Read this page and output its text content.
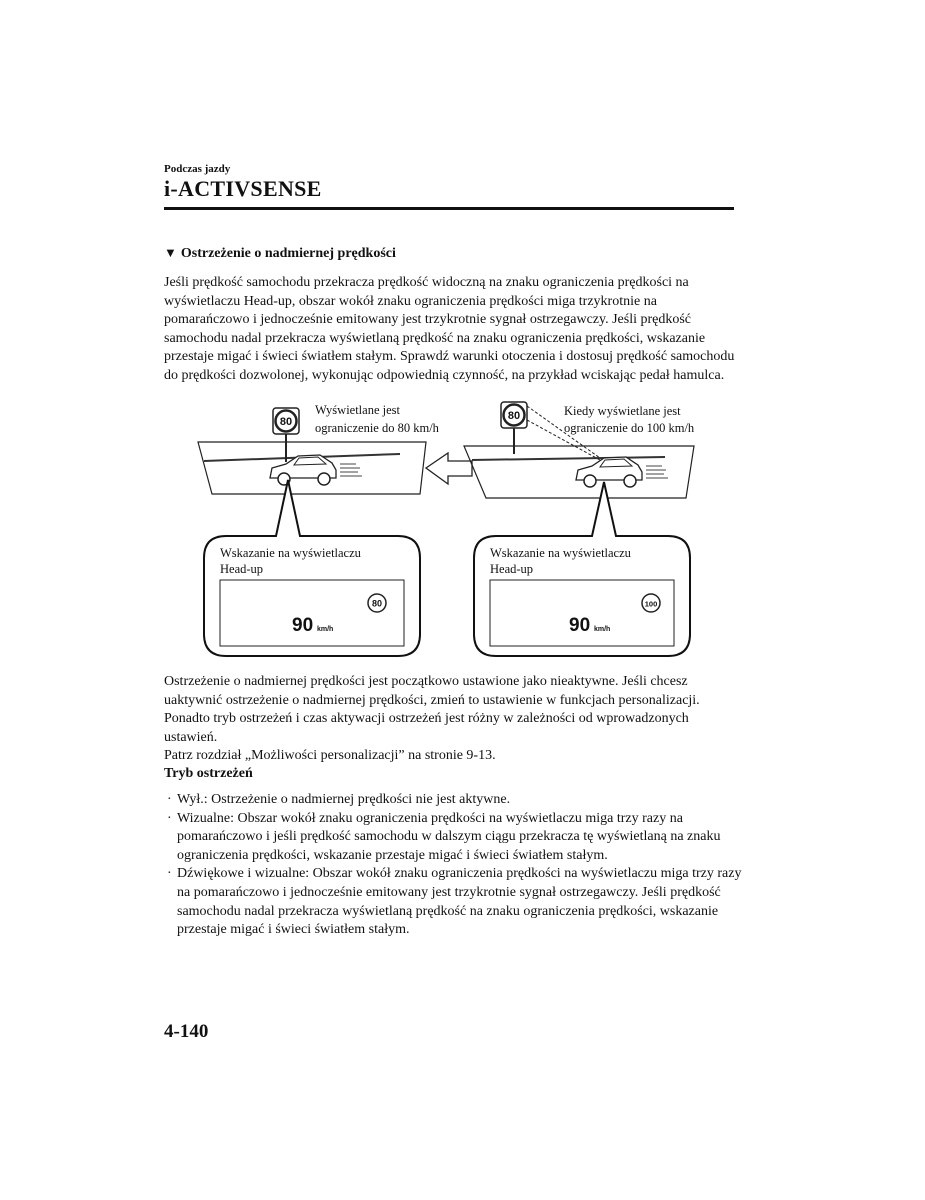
Podczas jazdy
i-ACTIVSENSE
▼ Ostrzeżenie o nadmiernej prędkości

Jeśli prędkość samochodu przekracza prędkość widoczną na znaku ograniczenia prędkości na wyświetlaczu Head-up, obszar wokół znaku ograniczenia prędkości miga trzykrotnie na pomarańczowo i jednocześnie emitowany jest trzykrotnie sygnał ostrzegawczy. Jeśli prędkość samochodu nadal przekracza wyświetlaną prędkość na znaku ograniczenia prędkości, wskazanie przestaje migać i świeci światłem stałym. Sprawdź warunki otoczenia i dostosuj prędkość samochodu do prędkości dozwolonej, wykonując odpowiednią czynność, na przykład wciskając pedał hamulca.

80
Wyświetlane jest
ograniczenie do 80 km/h
80	Kiedy wyświetlane jest
ograniczenie do 100 km/h
Wskazanie na wyświetlaczu
Head-up
80
90 km/h
Wskazanie na wyświetlaczu
Head-up
100
90 km/h

Ostrzeżenie o nadmiernej prędkości jest początkowo ustawione jako nieaktywne. Jeśli chcesz uaktywnić ostrzeżenie o nadmiernej prędkości, zmień to ustawienie w funkcjach personalizacji. Ponadto tryb ostrzeżeń i czas aktywacji ostrzeżeń jest różny w zależności od wprowadzonych ustawień.

Patrz rozdział „Możliwości personalizacji” na stronie 9-13.

Tryb ostrzeżeń
· Wył.: Ostrzeżenie o nadmiernej prędkości nie jest aktywne.
· Wizualne: Obszar wokół znaku ograniczenia prędkości na wyświetlaczu miga trzy razy na pomarańczowo i jeśli prędkość samochodu w dalszym ciągu przekracza tę wyświetlaną na znaku ograniczenia prędkości, wskazanie przestaje migać i świeci światłem stałym.
· Dźwiękowe i wizualne: Obszar wokół znaku ograniczenia prędkości na wyświetlaczu miga trzy razy na pomarańczowo i jednocześnie emitowany jest trzykrotnie sygnał ostrzegawczy. Jeśli prędkość samochodu nadal przekracza wyświetlaną prędkość na znaku ograniczenia prędkości, wskazanie przestaje migać i świeci światłem stałym.
4-140
